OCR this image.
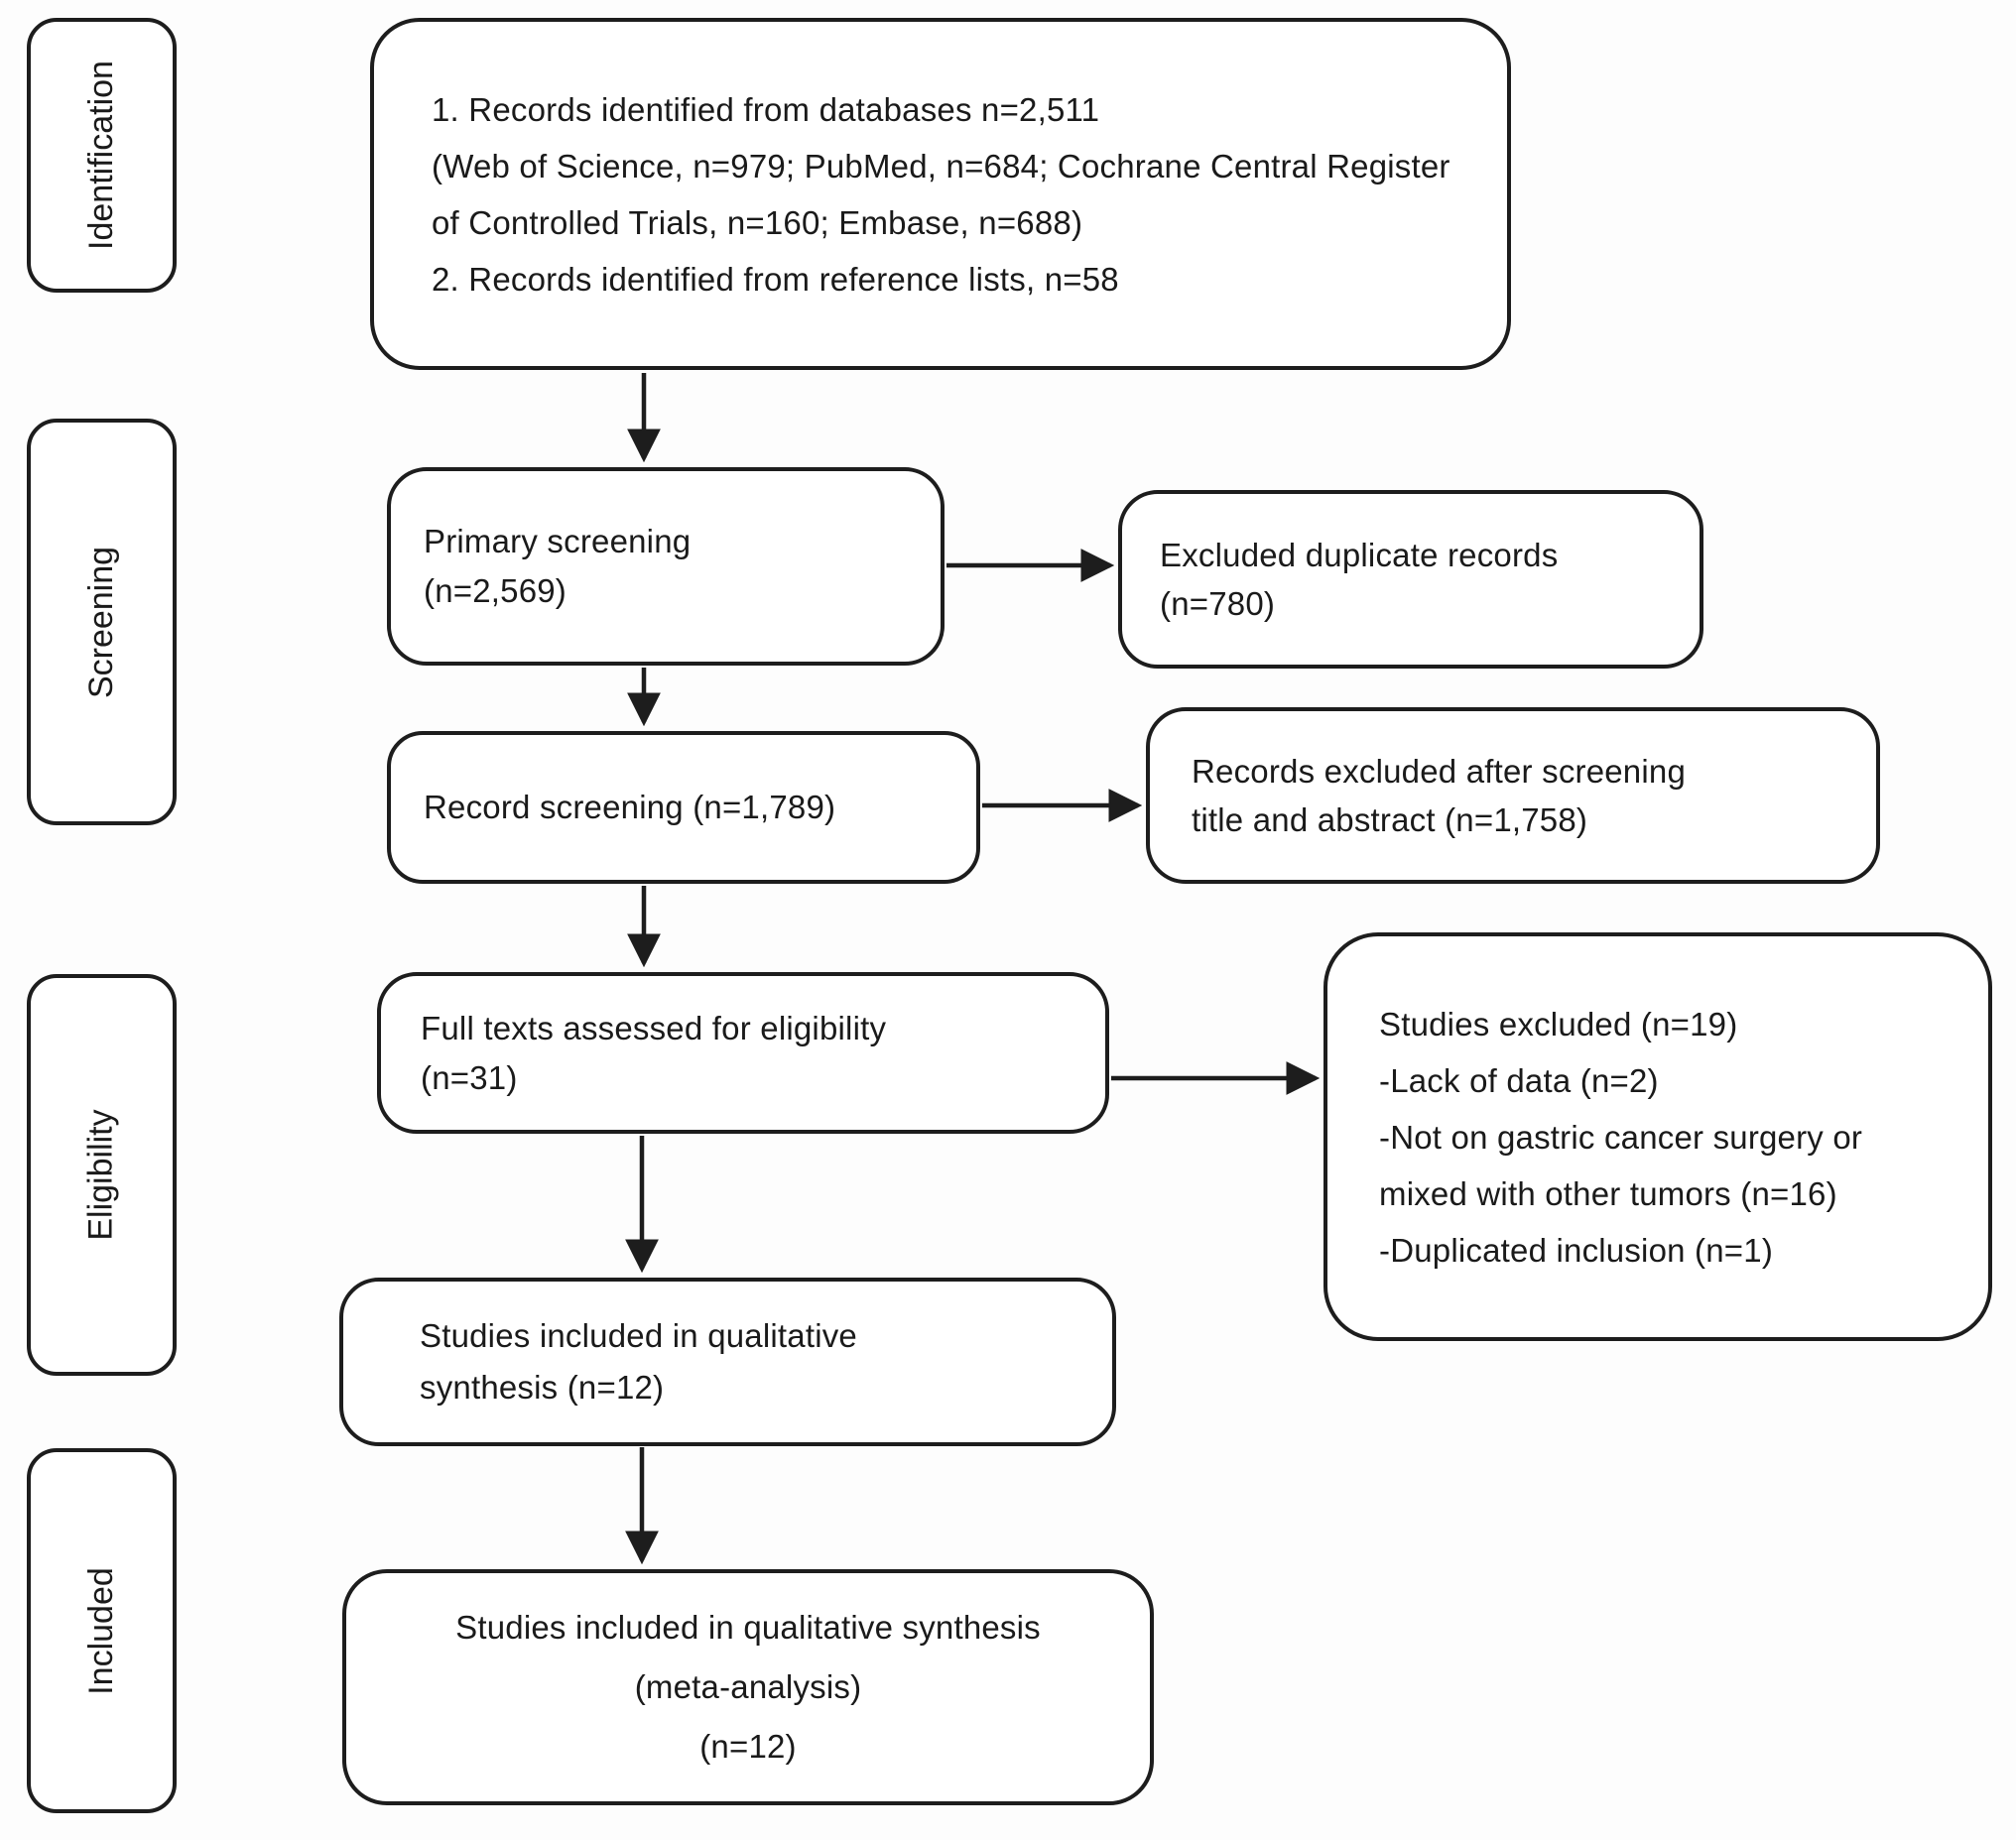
Identification
Screening
Eligibility
Included
1. Records identified from databases n=2,511
(Web of Science, n=979; PubMed, n=684; Cochrane Central Register
of Controlled Trials, n=160; Embase, n=688)
2. Records identified from reference lists, n=58
Primary screening
(n=2,569)
Excluded duplicate records
(n=780)
Record screening (n=1,789)
Records excluded after screening
title and abstract (n=1,758)
Full texts assessed for eligibility
(n=31)
Studies excluded (n=19)
-Lack of data (n=2)
-Not on gastric cancer surgery or
mixed with other tumors (n=16)
-Duplicated inclusion (n=1)
Studies included in qualitative
synthesis (n=12)
Studies included in qualitative synthesis
(meta-analysis)
(n=12)
